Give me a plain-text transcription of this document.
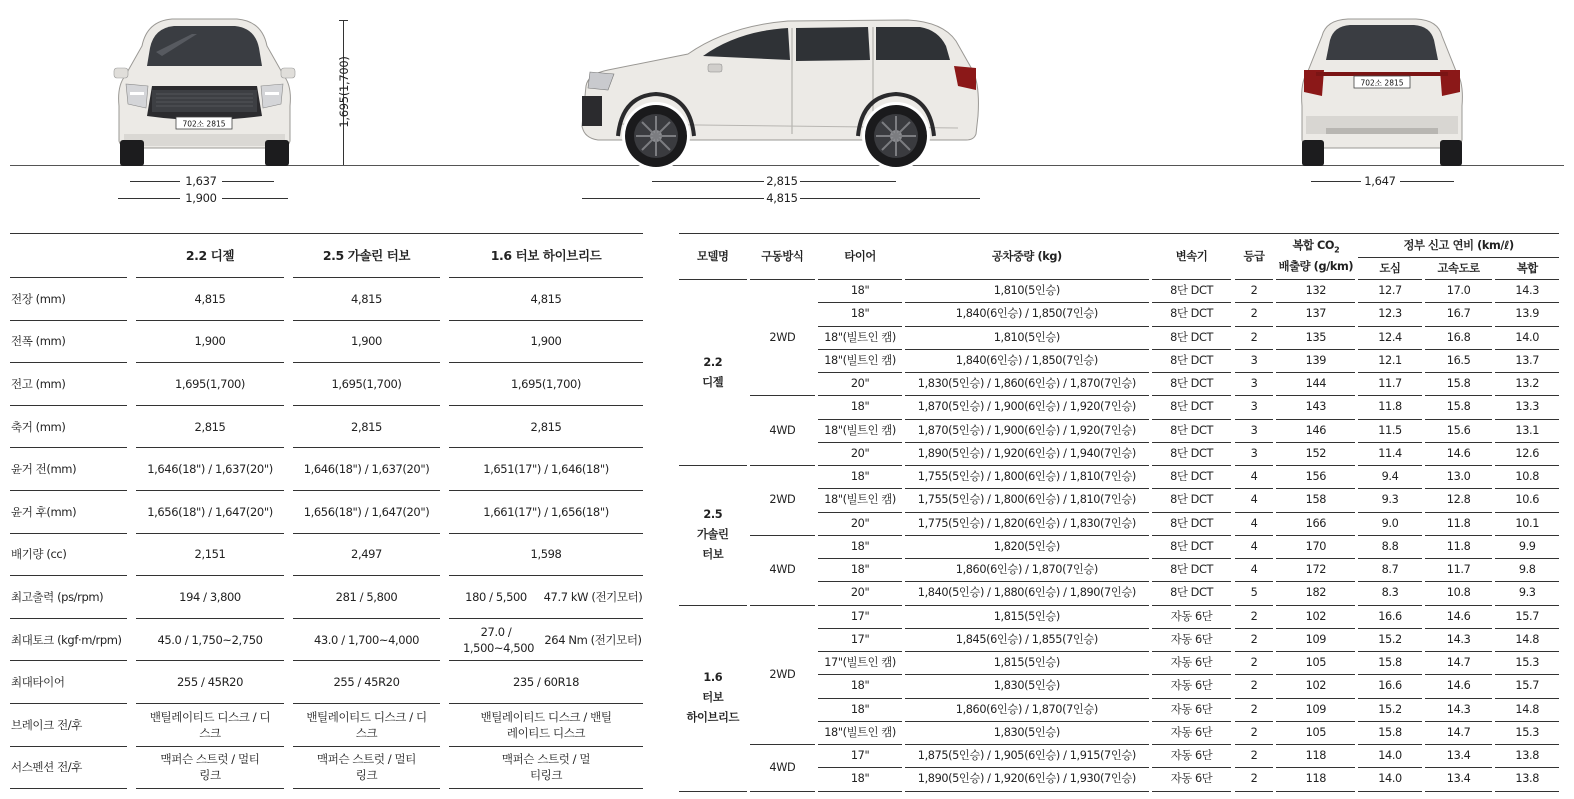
702소 2815	1,695(1,700)
1,637
1,900
2,815
4,815
702소 2815
1,647
		2.2 디젤		2.5 가솔린 터보		1.6 터보 하이브리드	
전장 (mm)		4,815		4,815		4,815	
전폭 (mm)		1,900		1,900		1,900	
전고 (mm)		1,695(1,700)		1,695(1,700)		1,695(1,700)	
축거 (mm)		2,815		2,815		2,815	
윤거 전(mm)		1,646(18") / 1,637(20")		1,646(18") / 1,637(20")		1,651(17") / 1,646(18")	
윤거 후(mm)		1,656(18") / 1,647(20")		1,656(18") / 1,647(20")		1,661(17") / 1,656(18")	
배기량 (cc)		2,151		2,497		1,598	
최고출력 (ps/rpm)		194 / 3,800		281 / 5,800		180 / 5,500	47.7 kW (전기모터)
최대토크 (kgf·m/rpm)		45.0 / 1,750~2,750		43.0 / 1,700~4,000		27.0 / 1,500~4,500	264 Nm (전기모터)
최대타이어		255 / 45R20		255 / 45R20		235 / 60R18	
브레이크 전/후		밴틸레이티드 디스크 / 디스크		밴틸레이티드 디스크 / 디스크		밴틸레이티드 디스크 / 밴틸레이티드 디스크	
서스펜션 전/후		맥퍼슨 스트럿 / 멀티링크		맥퍼슨 스트럿 / 멀티링크		맥퍼슨 스트럿 / 멀티링크	
모델명		구동방식		타이어		공차중량 (kg)		변속기		등급		복합 $CO_2$
배출량 (g/km)		정부 신고 연비 (km/ℓ)				
														도심		고속도로		복합

2.2
디젤		2WD		18"		1,810(5인승)		8단 DCT		2		132		12.7		17.0		14.3
				18"		1,840(6인승) / 1,850(7인승)		8단 DCT		2		137		12.3		16.7		13.9
				18"(빌트인 캠)		1,810(5인승)		8단 DCT		2		135		12.4		16.8		14.0
				18"(빌트인 캠)		1,840(6인승) / 1,850(7인승)		8단 DCT		3		139		12.1		16.5		13.7
				20"		1,830(5인승) / 1,860(6인승) / 1,870(7인승)		8단 DCT		3		144		11.7		15.8		13.2
		4WD		18"		1,870(5인승) / 1,900(6인승) / 1,920(7인승)		8단 DCT		3		143		11.8		15.8		13.3
				18"(빌트인 캠)		1,870(5인승) / 1,900(6인승) / 1,920(7인승)		8단 DCT		3		146		11.5		15.6		13.1
				20"		1,890(5인승) / 1,920(6인승) / 1,940(7인승)		8단 DCT		3		152		11.4		14.6		12.6

2.5
가솔린
터보		2WD		18"		1,755(5인승) / 1,800(6인승) / 1,810(7인승)		8단 DCT		4		156		9.4		13.0		10.8
				18"(빌트인 캠)		1,755(5인승) / 1,800(6인승) / 1,810(7인승)		8단 DCT		4		158		9.3		12.8		10.6
				20"		1,775(5인승) / 1,820(6인승) / 1,830(7인승)		8단 DCT		4		166		9.0		11.8		10.1
		4WD		18"		1,820(5인승)		8단 DCT		4		170		8.8		11.8		9.9
				18"		1,860(6인승) / 1,870(7인승)		8단 DCT		4		172		8.7		11.7		9.8
				20"		1,840(5인승) / 1,880(6인승) / 1,890(7인승)		8단 DCT		5		182		8.3		10.8		9.3

1.6
터보
하이브리드		2WD		17"		1,815(5인승)		자동 6단		2		102		16.6		14.6		15.7
				17"		1,845(6인승) / 1,855(7인승)		자동 6단		2		109		15.2		14.3		14.8
				17"(빌트인 캠)		1,815(5인승)		자동 6단		2		105		15.8		14.7		15.3
				18"		1,830(5인승)		자동 6단		2		102		16.6		14.6		15.7
				18"		1,860(6인승) / 1,870(7인승)		자동 6단		2		109		15.2		14.3		14.8
				18"(빌트인 캠)		1,830(5인승)		자동 6단		2		105		15.8		14.7		15.3
		4WD		17"		1,875(5인승) / 1,905(6인승) / 1,915(7인승)		자동 6단		2		118		14.0		13.4		13.8
				18"		1,890(5인승) / 1,920(6인승) / 1,930(7인승)		자동 6단		2		118		14.0		13.4		13.8
